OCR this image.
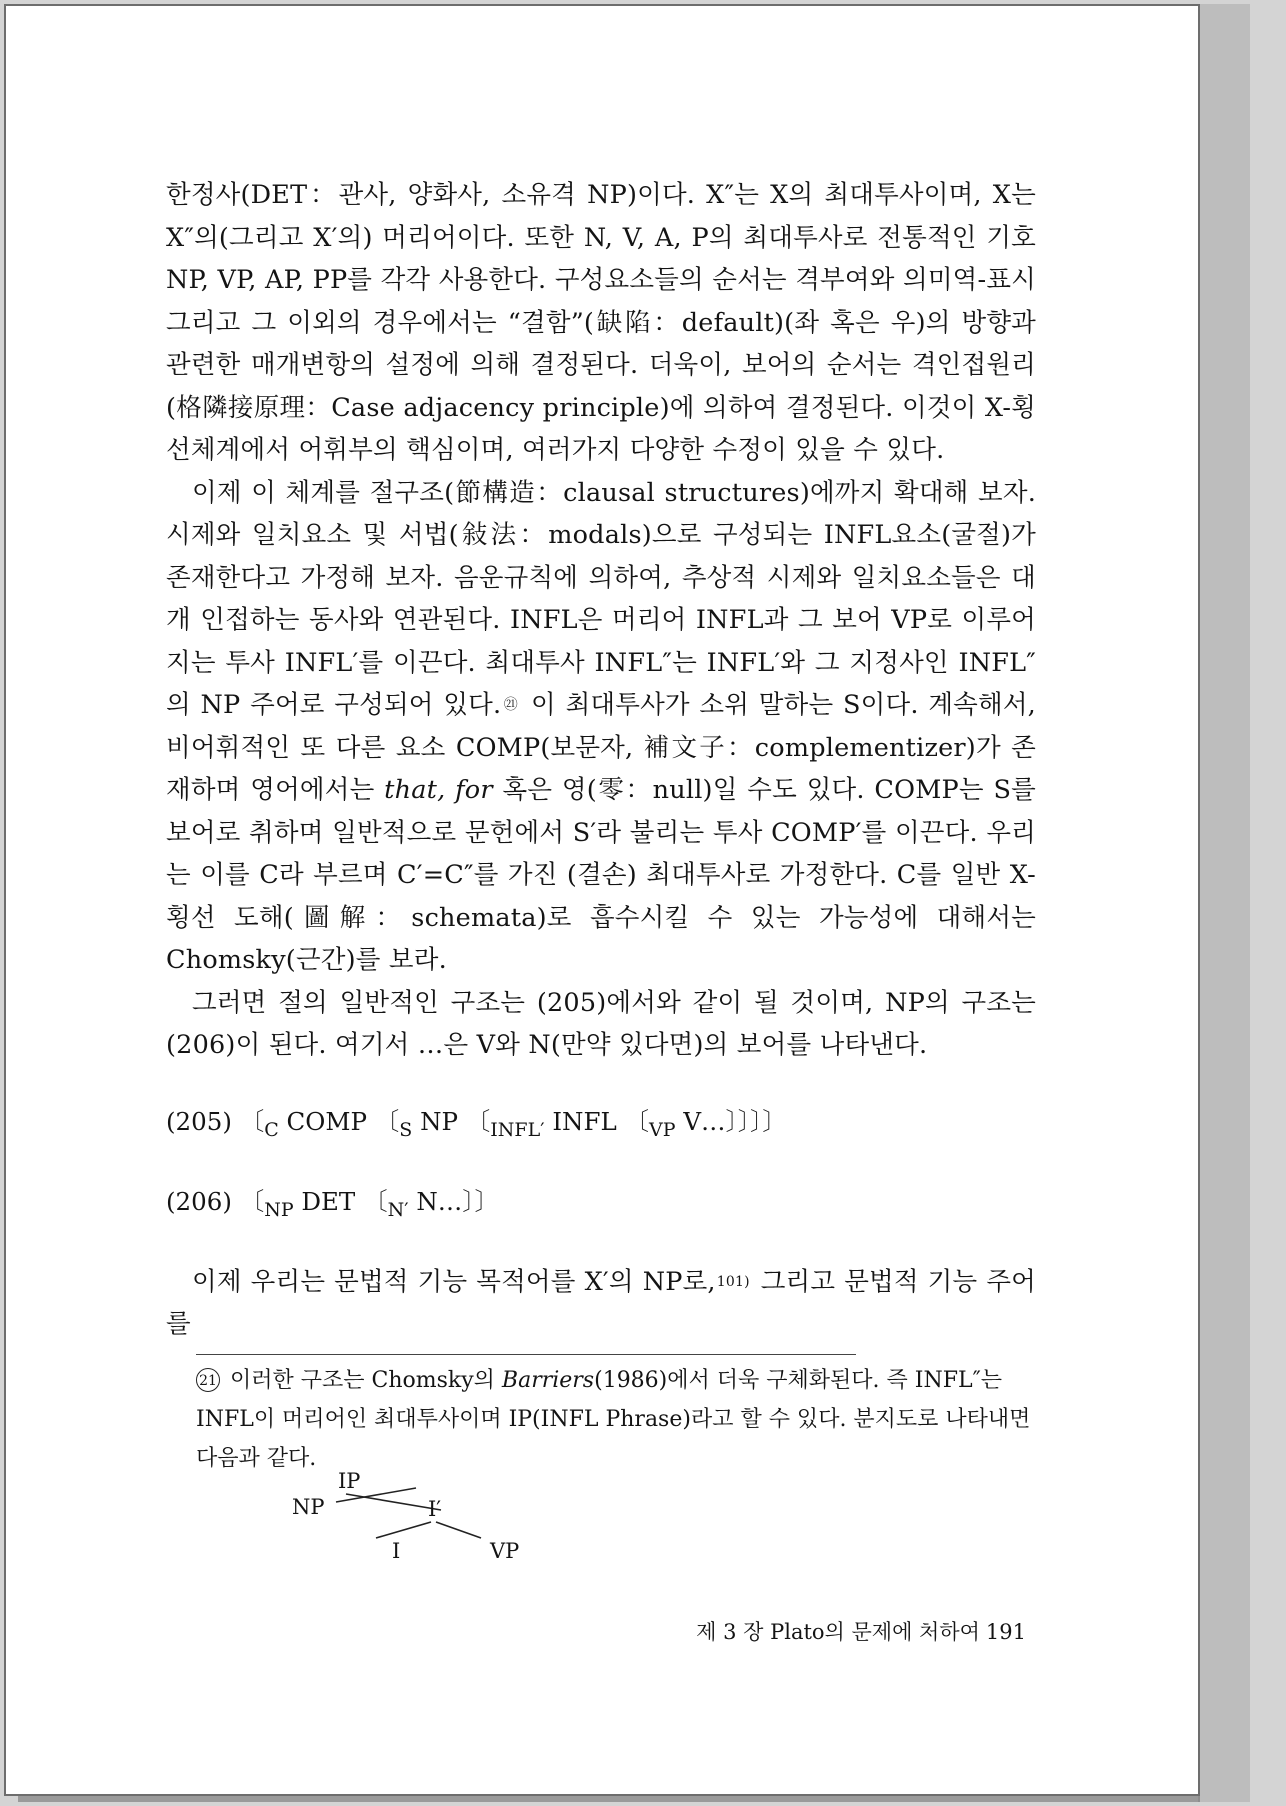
한정사(DET：관사, 양화사, 소유격 NP)이다. X″는 X의 최대투사이며, X는 X″의(그리고 X′의) 머리어이다. 또한 N, V, A, P의 최대투사로 전통적인 기호 NP, VP, AP, PP를 각각 사용한다. 구성요소들의 순서는 격부여와 의미역-표시 그리고 그 이외의 경우에서는 “결함”(缺陷：default)(좌 혹은 우)의 방향과 관련한 매개변항의 설정에 의해 결정된다. 더욱이, 보어의 순서는 격인접원리(格隣接原理：Case adjacency principle)에 의하여 결정된다. 이것이 X-횡선체계에서 어휘부의 핵심이며, 여러가지 다양한 수정이 있을 수 있다.

이제 이 체계를 절구조(節構造：clausal structures)에까지 확대해 보자. 시제와 일치요소 및 서법(敍法：modals)으로 구성되는 INFL요소(굴절)가 존재한다고 가정해 보자. 음운규칙에 의하여, 추상적 시제와 일치요소들은 대개 인접하는 동사와 연관된다. INFL은 머리어 INFL과 그 보어 VP로 이루어지는 투사 INFL′를 이끈다. 최대투사 INFL″는 INFL′와 그 지정사인 INFL″의 NP 주어로 구성되어 있다.$^㉑$ 이 최대투사가 소위 말하는 S이다. 계속해서, 비어휘적인 또 다른 요소 COMP(보문자, 補文子：complementizer)가 존재하며 영어에서는 that, for 혹은 영(零：null)일 수도 있다. COMP는 S를 보어로 취하며 일반적으로 문헌에서 S′라 불리는 투사 COMP′를 이끈다. 우리는 이를 C라 부르며 C′=C″를 가진 (결손) 최대투사로 가정한다. C를 일반 X-횡선 도해(圖解：schemata)로 흡수시킬 수 있는 가능성에 대해서는 Chomsky(근간)를 보라.

그러면 절의 일반적인 구조는 (205)에서와 같이 될 것이며, NP의 구조는 (206)이 된다. 여기서 …은 V와 N(만약 있다면)의 보어를 나타낸다.

(205) 〔$_C$ COMP 〔$_S$ NP 〔$_{INFL'}$ INFL 〔$_{VP}$ V…〕〕〕〕
(206) 〔$_{NP}$ DET 〔$_{N'}$ N…〕〕

이제 우리는 문법적 기능 목적어를 X′의 NP로,$^{101)}$ 그리고 문법적 기능 주어를

21 이러한 구조는 Chomsky의 Barriers(1986)에서 더욱 구체화된다. 즉 INFL″는 INFL이 머리어인 최대투사이며 IP(INFL Phrase)라고 할 수 있다. 분지도로 나타내면 다음과 같다.

IP
NP	I′
I	VP
제 3 장 Plato의 문제에 처하여 191
